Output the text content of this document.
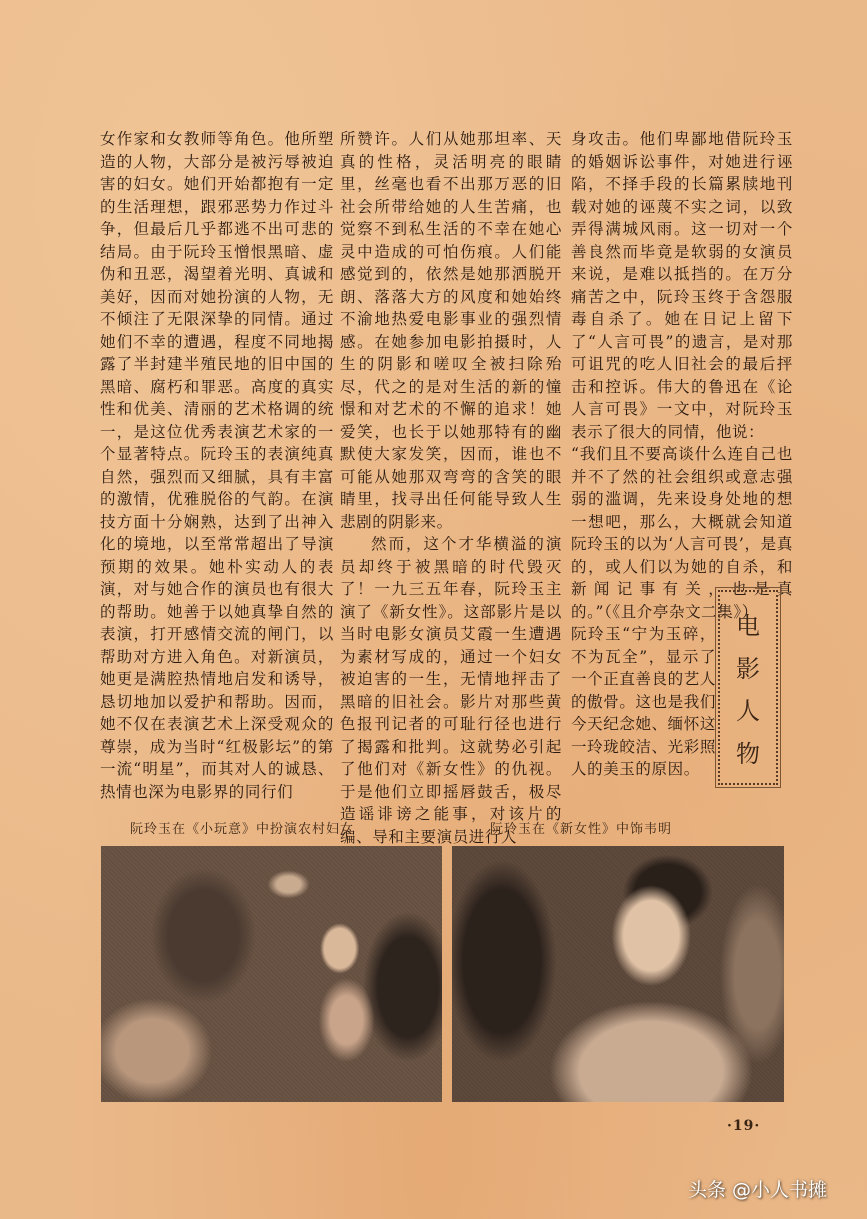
女作家和女教师等角色。他所塑造的人物，大部分是被污辱被迫害的妇女。她们开始都抱有一定的生活理想，跟邪恶势力作过斗争，但最后几乎都逃不出可悲的结局。由于阮玲玉憎恨黑暗、虚伪和丑恶，渴望着光明、真诚和美好，因而对她扮演的人物，无不倾注了无限深挚的同情。通过她们不幸的遭遇，程度不同地揭露了半封建半殖民地的旧中国的黑暗、腐朽和罪恶。高度的真实性和优美、清丽的艺术格调的统一，是这位优秀表演艺术家的一个显著特点。阮玲玉的表演纯真自然，强烈而又细腻，具有丰富的激情，优雅脱俗的气韵。在演技方面十分娴熟，达到了出神入化的境地，以至常常超出了导演预期的效果。她朴实动人的表演，对与她合作的演员也有很大的帮助。她善于以她真挚自然的表演，打开感情交流的闸门，以帮助对方进入角色。对新演员，她更是满腔热情地启发和诱导，恳切地加以爱护和帮助。因而，她不仅在表演艺术上深受观众的尊崇，成为当时“红极影坛”的第一流“明星”，而其对人的诚恳、热情也深为电影界的同行们

所赞许。人们从她那坦率、天真的性格，灵活明亮的眼睛里，丝毫也看不出那万恶的旧社会所带给她的人生苦痛，也觉察不到私生活的不幸在她心灵中造成的可怕伤痕。人们能感觉到的，依然是她那洒脱开朗、落落大方的风度和她始终不渝地热爱电影事业的强烈情感。在她参加电影拍摄时，人生的阴影和嗟叹全被扫除殆尽，代之的是对生活的新的憧憬和对艺术的不懈的追求！她爱笑，也长于以她那特有的幽默使大家发笑，因而，谁也不可能从她那双弯弯的含笑的眼睛里，找寻出任何能导致人生悲剧的阴影来。

然而，这个才华横溢的演员却终于被黑暗的时代毁灭了！一九三五年春，阮玲玉主演了《新女性》。这部影片是以当时电影女演员艾霞一生遭遇为素材写成的，通过一个妇女被迫害的一生，无情地抨击了黑暗的旧社会。影片对那些黄色报刊记者的可耻行径也进行了揭露和批判。这就势必引起了他们对《新女性》的仇视。于是他们立即摇唇鼓舌，极尽造谣诽谤之能事，对该片的编、导和主要演员进行人

身攻击。他们卑鄙地借阮玲玉的婚姻诉讼事件，对她进行诬陷，不择手段的长篇累牍地刊载对她的诬蔑不实之词，以致弄得满城风雨。这一切对一个善良然而毕竟是软弱的女演员来说，是难以抵挡的。在万分痛苦之中，阮玲玉终于含怨服毒自杀了。她在日记上留下了“人言可畏”的遗言，是对那可诅咒的吃人旧社会的最后抨击和控诉。伟大的鲁迅在《论人言可畏》一文中，对阮玲玉表示了很大的同情，他说：

“我们且不要高谈什么连自己也并不了然的社会组织或意志强弱的滥调，先来设身处地的想一想吧，那么，大概就会知道阮玲玉的以为‘人言可畏’，是真的，或人们以为她的自杀，和新闻记事有关，也是真的。”（《且介亭杂文二集》）

阮玲玉“宁为玉碎，不为瓦全”，显示了一个正直善良的艺人的傲骨。这也是我们今天纪念她、缅怀这一玲珑皎洁、光彩照人的美玉的原因。

电
影
人
物
阮玲玉在《小玩意》中扮演农村妇女	阮玲玉在《新女性》中饰韦明
·19·
头条 @小人书摊
